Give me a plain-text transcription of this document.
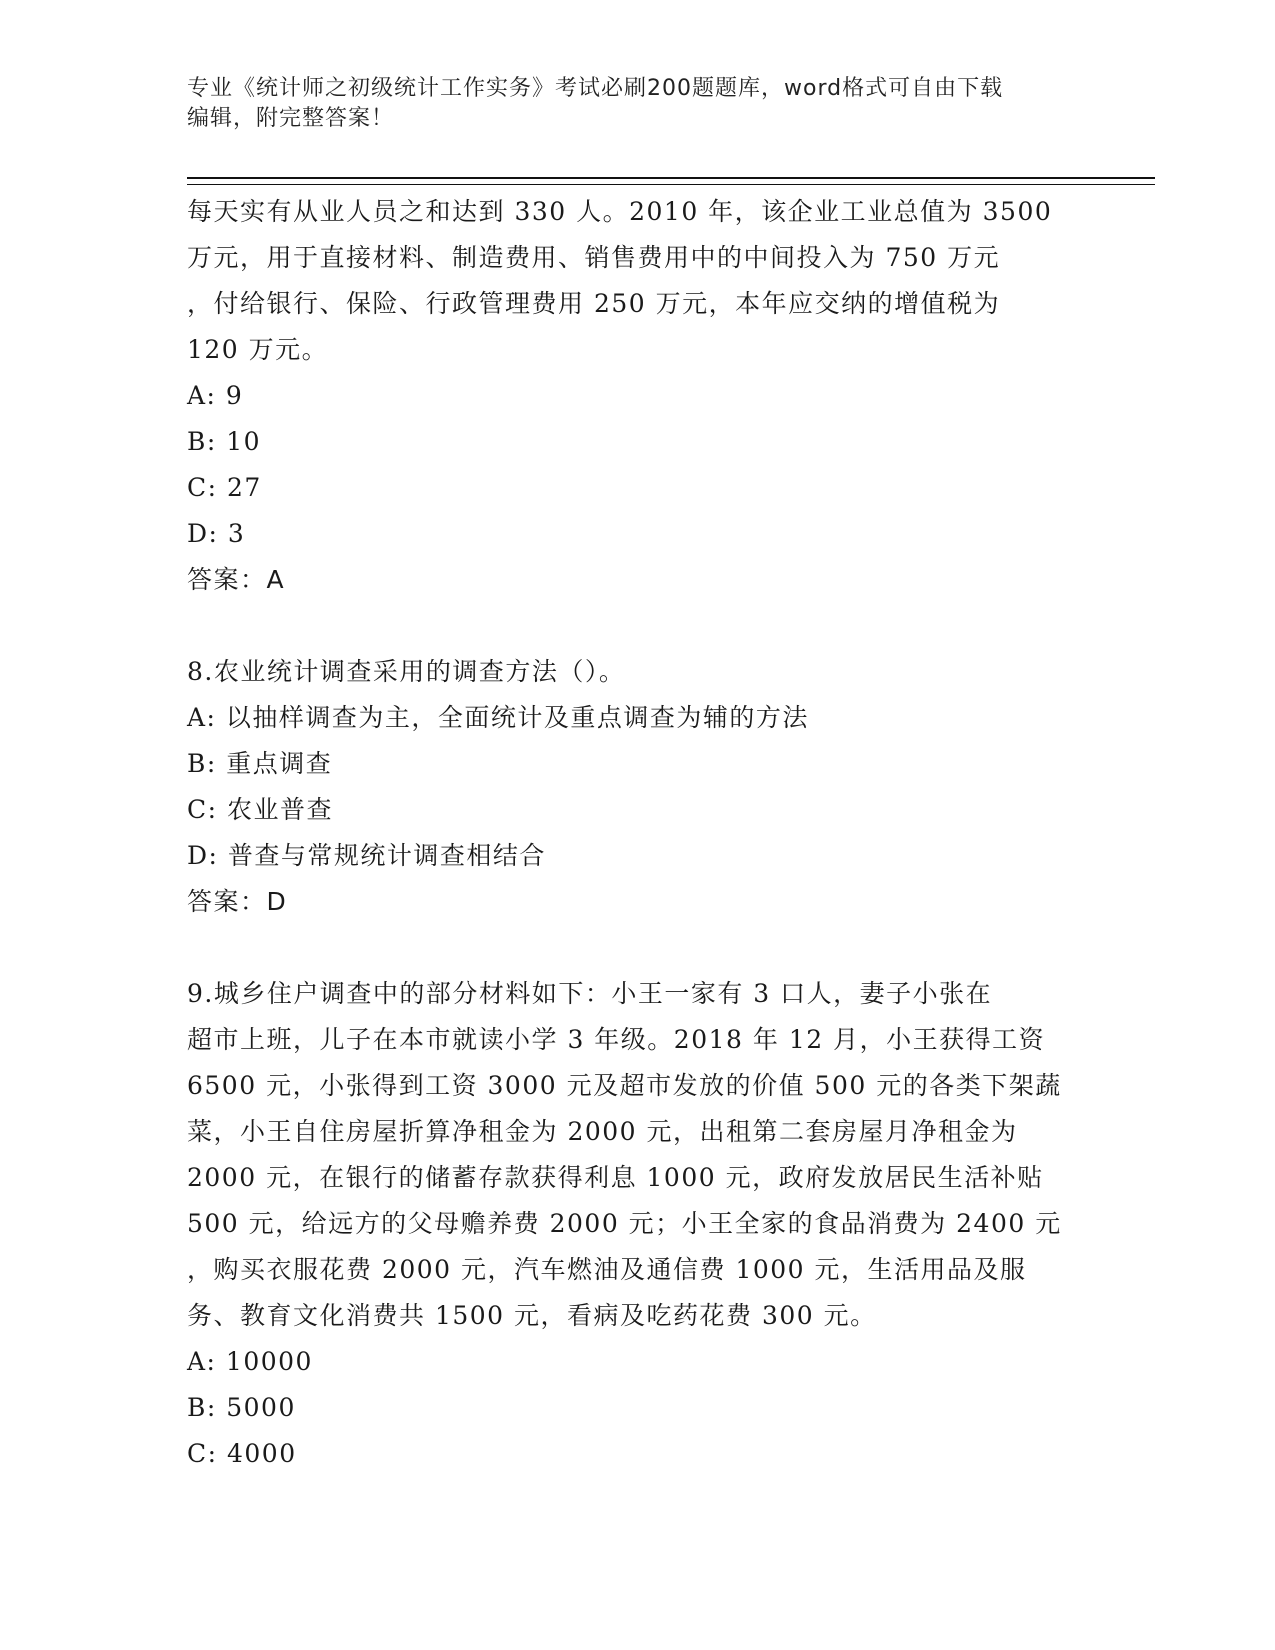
专业《统计师之初级统计工作实务》考试必刷200题题库，word格式可自由下载
编辑，附完整答案！

每天实有从业人员之和达到 330 人。2010 年，该企业工业总值为 3500

万元，用于直接材料、制造费用、销售费用中的中间投入为 750 万元

，付给银行、保险、行政管理费用 250 万元，本年应交纳的增值税为

120 万元。

A: 9

B: 10

C: 27

D: 3

答案：A

8.农业统计调查采用的调查方法（）。

A: 以抽样调查为主，全面统计及重点调查为辅的方法

B: 重点调查

C: 农业普查

D: 普查与常规统计调查相结合

答案：D

9.城乡住户调查中的部分材料如下：小王一家有 3 口人，妻子小张在

超市上班，儿子在本市就读小学 3 年级。2018 年 12 月，小王获得工资

6500 元，小张得到工资 3000 元及超市发放的价值 500 元的各类下架蔬

菜，小王自住房屋折算净租金为 2000 元，出租第二套房屋月净租金为

2000 元，在银行的储蓄存款获得利息 1000 元，政府发放居民生活补贴

500 元，给远方的父母赡养费 2000 元；小王全家的食品消费为 2400 元

，购买衣服花费 2000 元，汽车燃油及通信费 1000 元，生活用品及服

务、教育文化消费共 1500 元，看病及吃药花费 300 元。

A: 10000

B: 5000

C: 4000
